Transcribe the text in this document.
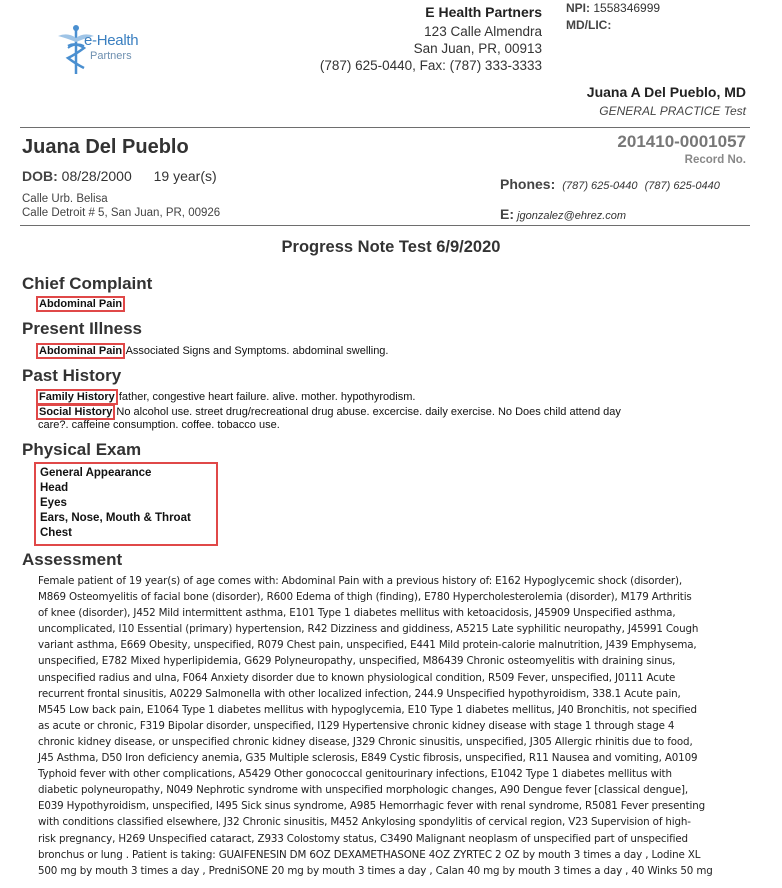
e-Health
Partners
E Health Partners
123 Calle Almendra
San Juan, PR, 00913
(787) 625-0440, Fax: (787) 333-3333
NPI: 1558346999
MD/LIC:
Juana A Del Pueblo, MD
GENERAL PRACTICE Test
Juana Del Pueblo	201410-0001057
Record No.
DOB: 08/28/2000 19 year(s)
Calle Urb. Belisa
Calle Detroit # 5, San Juan, PR, 00926
Phones: (787) 625-0440 (787) 625-0440
E: jgonzalez@ehrez.com
Progress Note Test 6/9/2020
Chief Complaint
Abdominal Pain
Present Illness
Abdominal Pain Associated Signs and Symptoms. abdominal swelling.
Past History
Family History father, congestive heart failure. alive. mother. hypothyrodism.
Social History No alcohol use. street drug/recreational drug abuse. excercise. daily exercise. No Does child attend day
care?. caffeine consumption. coffee. tobacco use.
Physical Exam
General Appearance
Head
Eyes
Ears, Nose, Mouth & Throat
Chest
Assessment
Female patient of 19 year(s) of age comes with: Abdominal Pain with a previous history of: E162 Hypoglycemic shock (disorder),
M869 Osteomyelitis of facial bone (disorder), R600 Edema of thigh (finding), E780 Hypercholesterolemia (disorder), M179 Arthritis
of knee (disorder), J452 Mild intermittent asthma, E101 Type 1 diabetes mellitus with ketoacidosis, J45909 Unspecified asthma,
uncomplicated, I10 Essential (primary) hypertension, R42 Dizziness and giddiness, A5215 Late syphilitic neuropathy, J45991 Cough
variant asthma, E669 Obesity, unspecified, R079 Chest pain, unspecified, E441 Mild protein-calorie malnutrition, J439 Emphysema,
unspecified, E782 Mixed hyperlipidemia, G629 Polyneuropathy, unspecified, M86439 Chronic osteomyelitis with draining sinus,
unspecified radius and ulna, F064 Anxiety disorder due to known physiological condition, R509 Fever, unspecified, J0111 Acute
recurrent frontal sinusitis, A0229 Salmonella with other localized infection, 244.9 Unspecified hypothyroidism, 338.1 Acute pain,
M545 Low back pain, E1064 Type 1 diabetes mellitus with hypoglycemia, E10 Type 1 diabetes mellitus, J40 Bronchitis, not specified
as acute or chronic, F319 Bipolar disorder, unspecified, I129 Hypertensive chronic kidney disease with stage 1 through stage 4
chronic kidney disease, or unspecified chronic kidney disease, J329 Chronic sinusitis, unspecified, J305 Allergic rhinitis due to food,
J45 Asthma, D50 Iron deficiency anemia, G35 Multiple sclerosis, E849 Cystic fibrosis, unspecified, R11 Nausea and vomiting, A0109
Typhoid fever with other complications, A5429 Other gonococcal genitourinary infections, E1042 Type 1 diabetes mellitus with
diabetic polyneuropathy, N049 Nephrotic syndrome with unspecified morphologic changes, A90 Dengue fever [classical dengue],
E039 Hypothyroidism, unspecified, I495 Sick sinus syndrome, A985 Hemorrhagic fever with renal syndrome, R5081 Fever presenting
with conditions classified elsewhere, J32 Chronic sinusitis, M452 Ankylosing spondylitis of cervical region, V23 Supervision of high-
risk pregnancy, H269 Unspecified cataract, Z933 Colostomy status, C3490 Malignant neoplasm of unspecified part of unspecified
bronchus or lung . Patient is taking: GUAIFENESIN DM 6OZ DEXAMETHASONE 4OZ ZYRTEC 2 OZ by mouth 3 times a day , Lodine XL
500 mg by mouth 3 times a day , PredniSONE 20 mg by mouth 3 times a day , Calan 40 mg by mouth 3 times a day , 40 Winks 50 mg
